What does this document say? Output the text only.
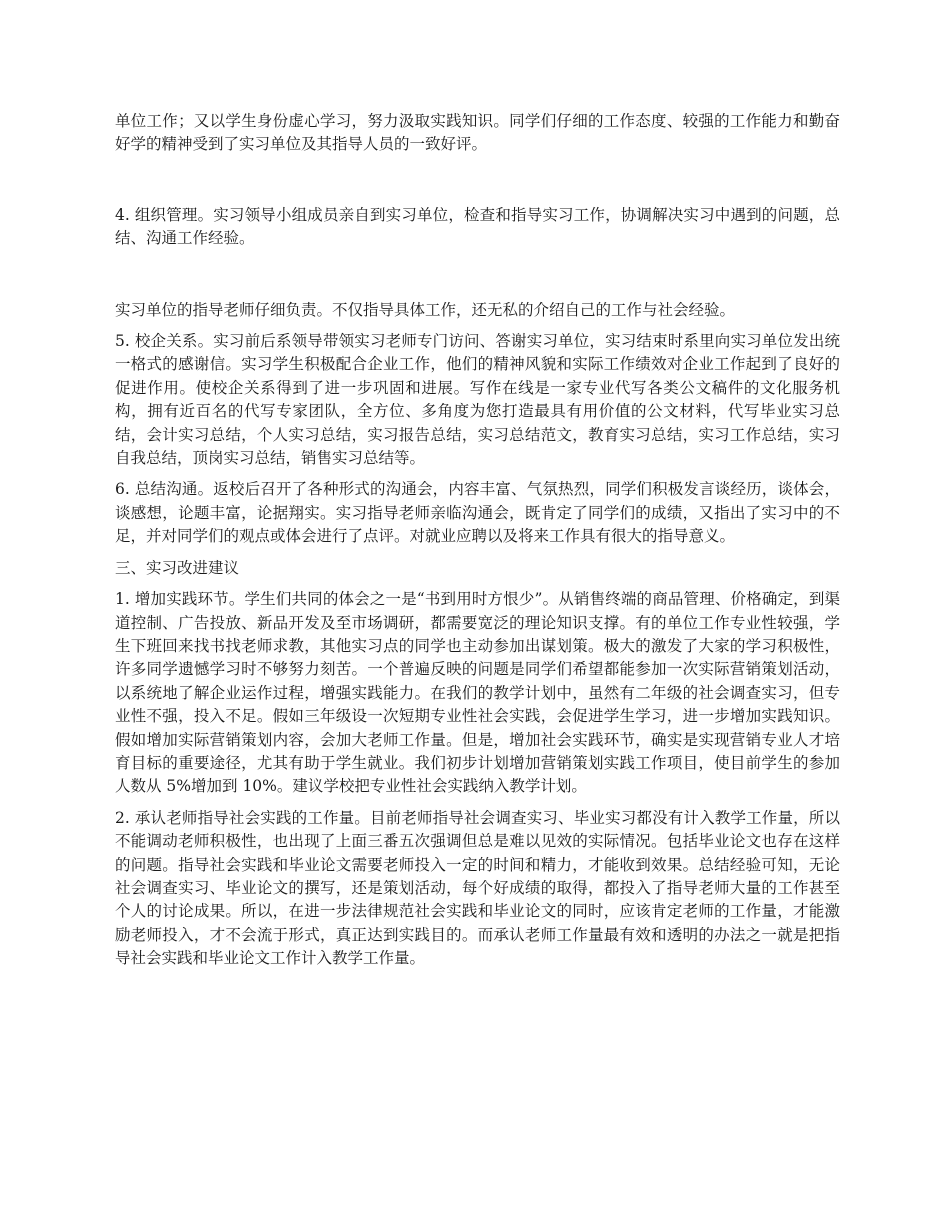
单位工作；又以学生身份虚心学习，努力汲取实践知识。同学们仔细的工作态度、较强的工作能力和勤奋好学的精神受到了实习单位及其指导人员的一致好评。

4. 组织管理。实习领导小组成员亲自到实习单位，检查和指导实习工作，协调解决实习中遇到的问题，总结、沟通工作经验。

实习单位的指导老师仔细负责。不仅指导具体工作，还无私的介绍自己的工作与社会经验。

5. 校企关系。实习前后系领导带领实习老师专门访问、答谢实习单位，实习结束时系里向实习单位发出统一格式的感谢信。实习学生积极配合企业工作，他们的精神风貌和实际工作绩效对企业工作起到了良好的促进作用。使校企关系得到了进一步巩固和进展。写作在线是一家专业代写各类公文稿件的文化服务机构，拥有近百名的代写专家团队，全方位、多角度为您打造最具有用价值的公文材料，代写毕业实习总结，会计实习总结，个人实习总结，实习报告总结，实习总结范文，教育实习总结，实习工作总结，实习自我总结，顶岗实习总结，销售实习总结等。

6. 总结沟通。返校后召开了各种形式的沟通会，内容丰富、气氛热烈，同学们积极发言谈经历，谈体会，谈感想，论题丰富，论据翔实。实习指导老师亲临沟通会，既肯定了同学们的成绩，又指出了实习中的不足，并对同学们的观点或体会进行了点评。对就业应聘以及将来工作具有很大的指导意义。

三、实习改进建议

1. 增加实践环节。学生们共同的体会之一是“书到用时方恨少”。从销售终端的商品管理、价格确定，到渠道控制、广告投放、新品开发及至市场调研，都需要宽泛的理论知识支撑。有的单位工作专业性较强，学生下班回来找书找老师求教，其他实习点的同学也主动参加出谋划策。极大的激发了大家的学习积极性，许多同学遗憾学习时不够努力刻苦。一个普遍反映的问题是同学们希望都能参加一次实际营销策划活动，以系统地了解企业运作过程，增强实践能力。在我们的教学计划中，虽然有二年级的社会调查实习，但专业性不强，投入不足。假如三年级设一次短期专业性社会实践，会促进学生学习，进一步增加实践知识。假如增加实际营销策划内容，会加大老师工作量。但是，增加社会实践环节，确实是实现营销专业人才培育目标的重要途径，尤其有助于学生就业。我们初步计划增加营销策划实践工作项目，使目前学生的参加人数从 5%增加到 10%。建议学校把专业性社会实践纳入教学计划。

2. 承认老师指导社会实践的工作量。目前老师指导社会调查实习、毕业实习都没有计入教学工作量，所以不能调动老师积极性，也出现了上面三番五次强调但总是难以见效的实际情况。包括毕业论文也存在这样的问题。指导社会实践和毕业论文需要老师投入一定的时间和精力，才能收到效果。总结经验可知，无论社会调查实习、毕业论文的撰写，还是策划活动，每个好成绩的取得，都投入了指导老师大量的工作甚至个人的讨论成果。所以，在进一步法律规范社会实践和毕业论文的同时，应该肯定老师的工作量，才能激励老师投入，才不会流于形式，真正达到实践目的。而承认老师工作量最有效和透明的办法之一就是把指导社会实践和毕业论文工作计入教学工作量。
